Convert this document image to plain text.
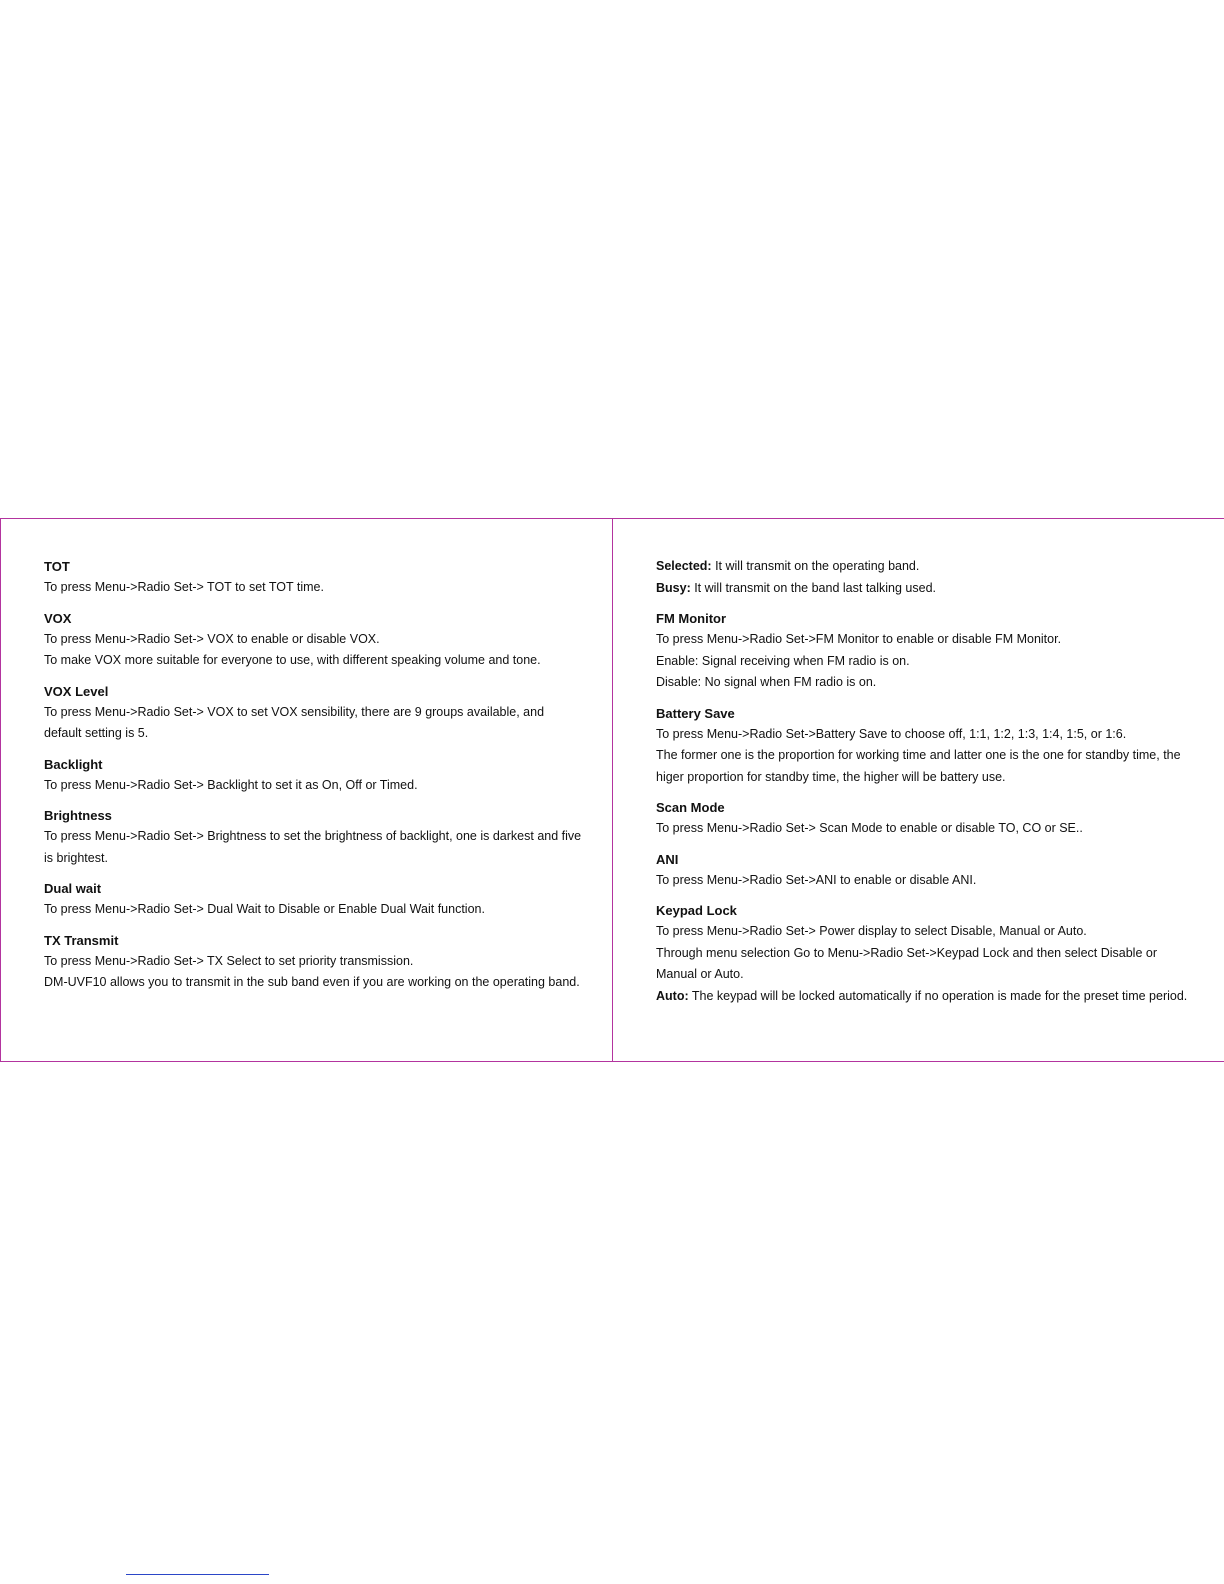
TOT

To press Menu->Radio Set-> TOT to set TOT time.

VOX

To press Menu->Radio Set-> VOX to enable or disable VOX.

To make VOX more suitable for everyone to use, with different speaking volume and tone.

VOX Level

To press Menu->Radio Set-> VOX to set VOX sensibility, there are 9 groups available, and default setting is 5.

Backlight

To press Menu->Radio Set-> Backlight to set it as On, Off or Timed.

Brightness

To press Menu->Radio Set-> Brightness to set the brightness of backlight, one is darkest and five is brightest.

Dual wait

To press Menu->Radio Set-> Dual Wait to Disable or Enable Dual Wait function.

TX Transmit

To press Menu->Radio Set-> TX Select to set priority transmission.

DM-UVF10 allows you to transmit in the sub band even if you are working on the operating band.

Selected: It will transmit on the operating band.

Busy: It will transmit on the band last talking used.

FM Monitor

To press Menu->Radio Set->FM Monitor to enable or disable FM Monitor.

Enable: Signal receiving when FM radio is on.

Disable: No signal when FM radio is on.

Battery Save

To press Menu->Radio Set->Battery Save to choose off, 1:1, 1:2, 1:3, 1:4, 1:5, or 1:6.

The former one is the proportion for working time and latter one is the one for standby time, the higer proportion for standby time, the higher will be battery use.

Scan Mode

To press Menu->Radio Set-> Scan Mode to enable or disable TO, CO or SE..

ANI

To press Menu->Radio Set->ANI to enable or disable ANI.

Keypad Lock

To press Menu->Radio Set-> Power display to select Disable, Manual or Auto.

Through menu selection Go to Menu->Radio Set->Keypad Lock and then select Disable or Manual or Auto.

Auto: The keypad will be locked automatically if no operation is made for the preset time period.
